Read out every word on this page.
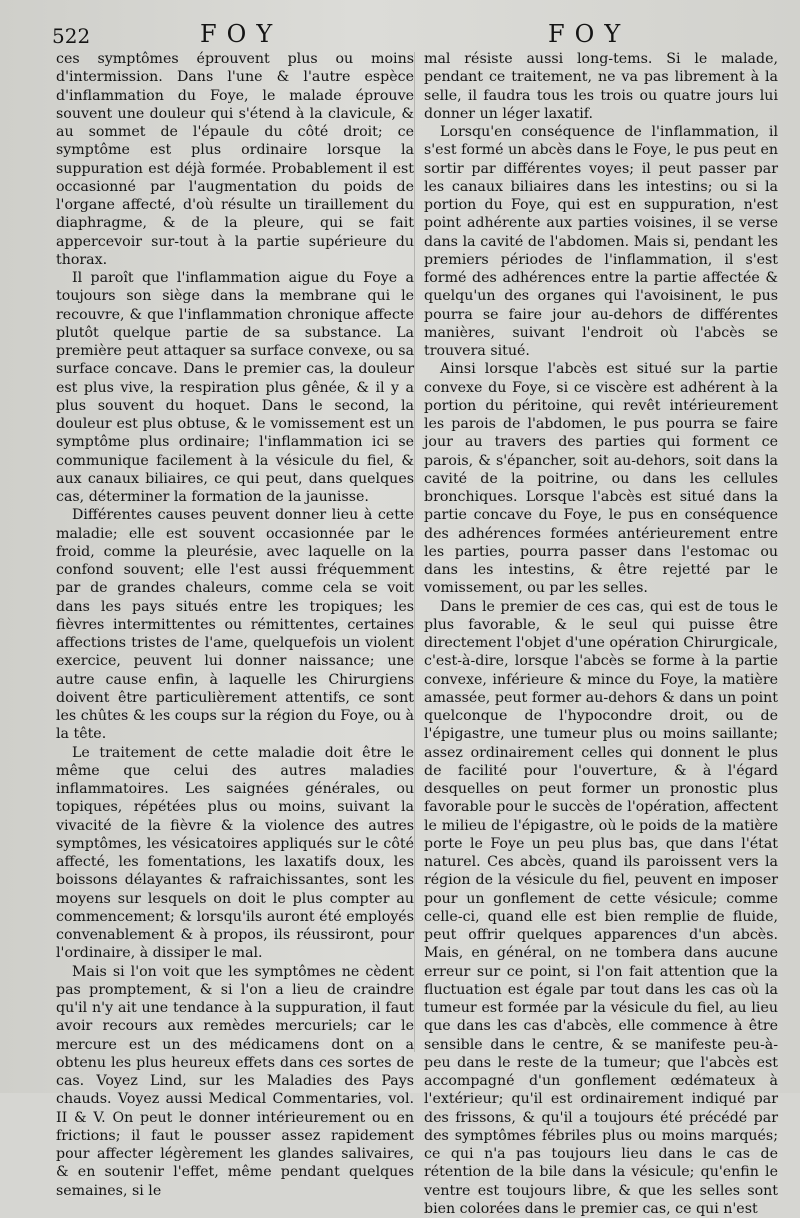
522	FOY	FOY

ces symptômes éprouvent plus ou moins d'intermission. Dans l'une & l'autre espèce d'inflammation du Foye, le malade éprouve souvent une douleur qui s'étend à la clavicule, & au sommet de l'épaule du côté droit; ce symptôme est plus ordinaire lorsque la suppuration est déjà formée. Probablement il est occasionné par l'augmentation du poids de l'organe affecté, d'où résulte un tiraillement du diaphragme, & de la pleure, qui se fait appercevoir sur-tout à la partie supérieure du thorax.

Il paroît que l'inflammation aigue du Foye a toujours son siège dans la membrane qui le recouvre, & que l'inflammation chronique affecte plutôt quelque partie de sa substance. La première peut attaquer sa surface convexe, ou sa surface concave. Dans le premier cas, la douleur est plus vive, la respiration plus gênée, & il y a plus souvent du hoquet. Dans le second, la douleur est plus obtuse, & le vomissement est un symptôme plus ordinaire; l'inflammation ici se communique facilement à la vésicule du fiel, & aux canaux biliaires, ce qui peut, dans quelques cas, déterminer la formation de la jaunisse.

Différentes causes peuvent donner lieu à cette maladie; elle est souvent occasionnée par le froid, comme la pleurésie, avec laquelle on la confond souvent; elle l'est aussi fréquemment par de grandes chaleurs, comme cela se voit dans les pays situés entre les tropiques; les fièvres intermittentes ou rémittentes, certaines affections tristes de l'ame, quelquefois un violent exercice, peuvent lui donner naissance; une autre cause enfin, à laquelle les Chirurgiens doivent être particulièrement attentifs, ce sont les chûtes & les coups sur la région du Foye, ou à la tête.

Le traitement de cette maladie doit être le même que celui des autres maladies inflammatoires. Les saignées générales, ou topiques, répétées plus ou moins, suivant la vivacité de la fièvre & la violence des autres symptômes, les vésicatoires appliqués sur le côté affecté, les fomentations, les laxatifs doux, les boissons délayantes & rafraichissantes, sont les moyens sur lesquels on doit le plus compter au commencement; & lorsqu'ils auront été employés convenablement & à propos, ils réussiront, pour l'ordinaire, à dissiper le mal.

Mais si l'on voit que les symptômes ne cèdent pas promptement, & si l'on a lieu de craindre qu'il n'y ait une tendance à la suppuration, il faut avoir recours aux remèdes mercuriels; car le mercure est un des médicamens dont on a obtenu les plus heureux effets dans ces sortes de cas. Voyez Lind, sur les Maladies des Pays chauds. Voyez aussi Medical Commentaries, vol. II & V. On peut le donner intérieurement ou en frictions; il faut le pousser assez rapidement pour affecter légèrement les glandes salivaires, & en soutenir l'effet, même pendant quelques semaines, si le

mal résiste aussi long-tems. Si le malade, pendant ce traitement, ne va pas librement à la selle, il faudra tous les trois ou quatre jours lui donner un léger laxatif.

Lorsqu'en conséquence de l'inflammation, il s'est formé un abcès dans le Foye, le pus peut en sortir par différentes voyes; il peut passer par les canaux biliaires dans les intestins; ou si la portion du Foye, qui est en suppuration, n'est point adhérente aux parties voisines, il se verse dans la cavité de l'abdomen. Mais si, pendant les premiers périodes de l'inflammation, il s'est formé des adhérences entre la partie affectée & quelqu'un des organes qui l'avoisinent, le pus pourra se faire jour au-dehors de différentes manières, suivant l'endroit où l'abcès se trouvera situé.

Ainsi lorsque l'abcès est situé sur la partie convexe du Foye, si ce viscère est adhérent à la portion du péritoine, qui revêt intérieurement les parois de l'abdomen, le pus pourra se faire jour au travers des parties qui forment ce parois, & s'épancher, soit au-dehors, soit dans la cavité de la poitrine, ou dans les cellules bronchiques. Lorsque l'abcès est situé dans la partie concave du Foye, le pus en conséquence des adhérences formées antérieurement entre les parties, pourra passer dans l'estomac ou dans les intestins, & être rejetté par le vomissement, ou par les selles.

Dans le premier de ces cas, qui est de tous le plus favorable, & le seul qui puisse être directement l'objet d'une opération Chirurgicale, c'est-à-dire, lorsque l'abcès se forme à la partie convexe, inférieure & mince du Foye, la matière amassée, peut former au-dehors & dans un point quelconque de l'hypocondre droit, ou de l'épigastre, une tumeur plus ou moins saillante; assez ordinairement celles qui donnent le plus de facilité pour l'ouverture, & à l'égard desquelles on peut former un pronostic plus favorable pour le succès de l'opération, affectent le milieu de l'épigastre, où le poids de la matière porte le Foye un peu plus bas, que dans l'état naturel. Ces abcès, quand ils paroissent vers la région de la vésicule du fiel, peuvent en imposer pour un gonflement de cette vésicule; comme celle-ci, quand elle est bien remplie de fluide, peut offrir quelques apparences d'un abcès. Mais, en général, on ne tombera dans aucune erreur sur ce point, si l'on fait attention que la fluctuation est égale par tout dans les cas où la tumeur est formée par la vésicule du fiel, au lieu que dans les cas d'abcès, elle commence à être sensible dans le centre, & se manifeste peu-à-peu dans le reste de la tumeur; que l'abcès est accompagné d'un gonflement œdémateux à l'extérieur; qu'il est ordinairement indiqué par des frissons, & qu'il a toujours été précédé par des symptômes fébriles plus ou moins marqués; ce qui n'a pas toujours lieu dans le cas de rétention de la bile dans la vésicule; qu'enfin le ventre est toujours libre, & que les selles sont bien colorées dans le premier cas, ce qui n'est
